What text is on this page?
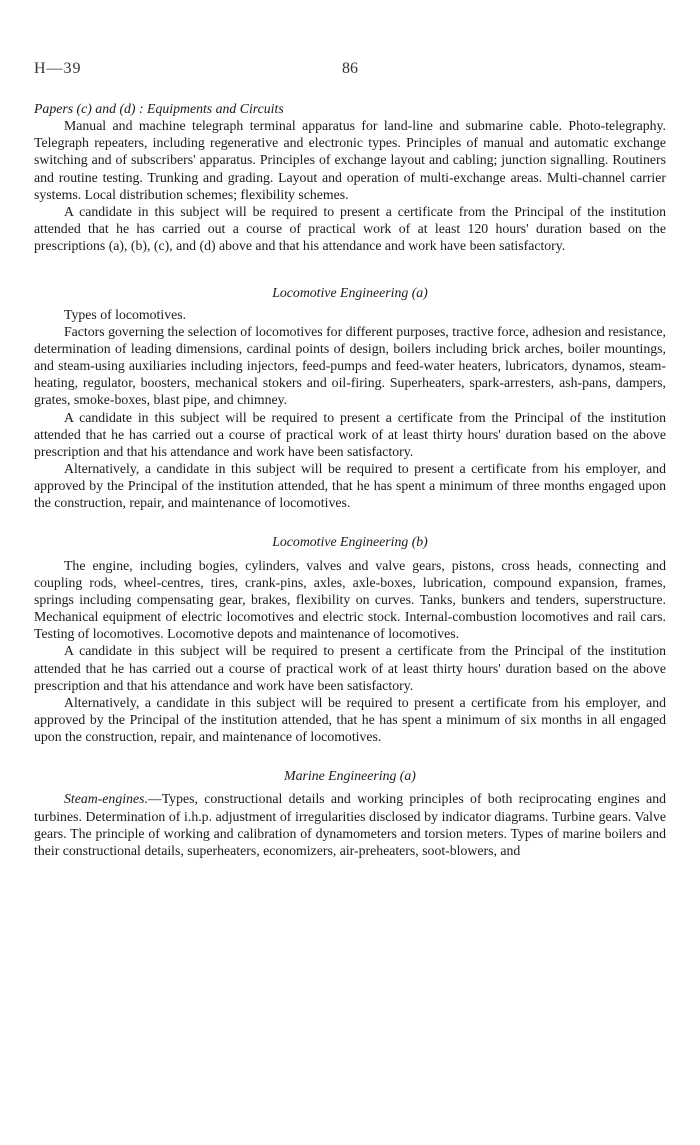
H—39	86
Papers (c) and (d) : Equipments and Circuits

Manual and machine telegraph terminal apparatus for land-line and submarine cable. Photo-telegraphy. Telegraph repeaters, including regenerative and electronic types. Principles of manual and automatic exchange switching and of subscribers' apparatus. Principles of exchange layout and cabling; junction signalling. Routiners and routine testing. Trunking and grading. Layout and operation of multi-exchange areas. Multi-channel carrier systems. Local distribution schemes; flexibility schemes.

A candidate in this subject will be required to present a certificate from the Principal of the institution attended that he has carried out a course of practical work of at least 120 hours' duration based on the prescriptions (a), (b), (c), and (d) above and that his attendance and work have been satisfactory.

Locomotive Engineering (a)

Types of locomotives.

Factors governing the selection of locomotives for different purposes, tractive force, adhesion and resistance, determination of leading dimensions, cardinal points of design, boilers including brick arches, boiler mountings, and steam-using auxiliaries including injectors, feed-pumps and feed-water heaters, lubricators, dynamos, steam-heating, regulator, boosters, mechanical stokers and oil-firing. Superheaters, spark-arresters, ash-pans, dampers, grates, smoke-boxes, blast pipe, and chimney.

A candidate in this subject will be required to present a certificate from the Principal of the institution attended that he has carried out a course of practical work of at least thirty hours' duration based on the above prescription and that his attendance and work have been satisfactory.

Alternatively, a candidate in this subject will be required to present a certificate from his employer, and approved by the Principal of the institution attended, that he has spent a minimum of three months engaged upon the construction, repair, and maintenance of locomotives.

Locomotive Engineering (b)

The engine, including bogies, cylinders, valves and valve gears, pistons, cross heads, connecting and coupling rods, wheel-centres, tires, crank-pins, axles, axle-boxes, lubrication, compound expansion, frames, springs including compensating gear, brakes, flexibility on curves. Tanks, bunkers and tenders, superstructure. Mechanical equipment of electric locomotives and electric stock. Internal-combustion locomotives and rail cars. Testing of locomotives. Locomotive depots and maintenance of locomotives.

A candidate in this subject will be required to present a certificate from the Principal of the institution attended that he has carried out a course of practical work of at least thirty hours' duration based on the above prescription and that his attendance and work have been satisfactory.

Alternatively, a candidate in this subject will be required to present a certificate from his employer, and approved by the Principal of the institution attended, that he has spent a minimum of six months in all engaged upon the construction, repair, and maintenance of locomotives.

Marine Engineering (a)

Steam-engines.—Types, constructional details and working principles of both reciprocating engines and turbines. Determination of i.h.p. adjustment of irregularities disclosed by indicator diagrams. Turbine gears. Valve gears. The principle of working and calibration of dynamometers and torsion meters. Types of marine boilers and their constructional details, superheaters, economizers, air-preheaters, soot-blowers, and
